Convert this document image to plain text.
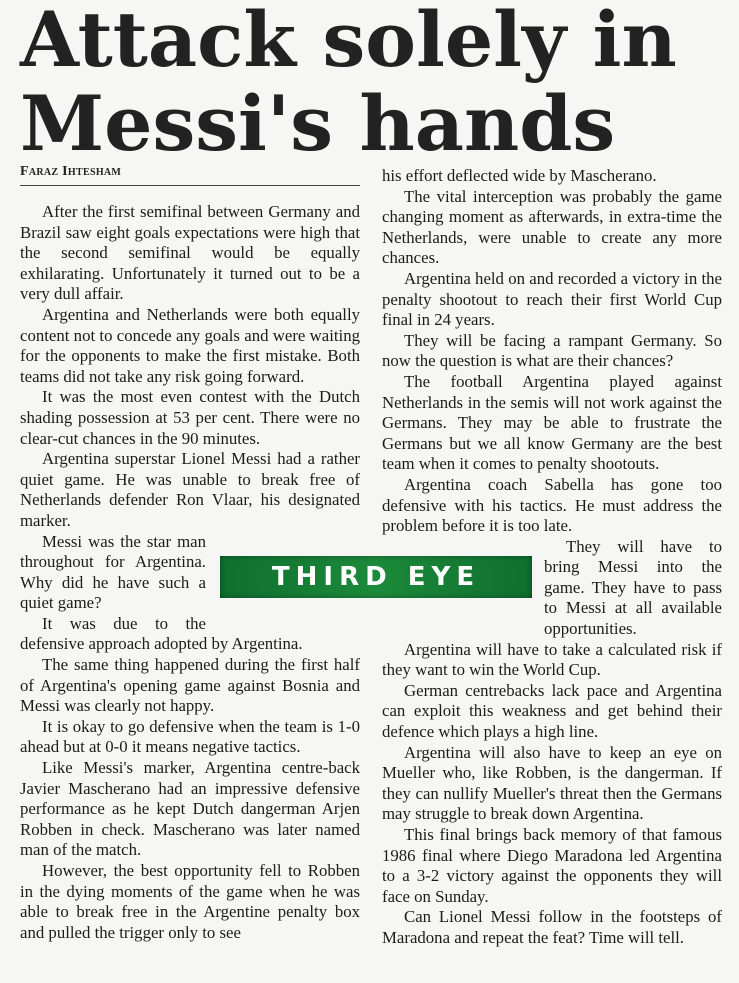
Attack solely in Messi's hands
Faraz Ihtesham

After the first semifinal between Germany and Brazil saw eight goals expectations were high that the second semifinal would be equally exhilarating. Unfortunately it turned out to be a very dull affair.

Argentina and Netherlands were both equally content not to concede any goals and were waiting for the opponents to make the first mistake. Both teams did not take any risk going forward.

It was the most even contest with the Dutch shading possession at 53 per cent. There were no clear-cut chances in the 90 minutes.

Argentina superstar Lionel Messi had a rather quiet game. He was unable to break free of Netherlands defender Ron Vlaar, his designated marker.

Messi was the star man throughout for Argentina. Why did he have such a quiet game?

It was due to the defensive approach adopted by Argentina.

The same thing happened during the first half of Argentina's opening game against Bosnia and Messi was clearly not happy.

It is okay to go defensive when the team is 1-0 ahead but at 0-0 it means negative tactics.

Like Messi's marker, Argentina centre-back Javier Mascherano had an impressive defensive performance as he kept Dutch dangerman Arjen Robben in check. Mascherano was later named man of the match.

However, the best opportunity fell to Robben in the dying moments of the game when he was able to break free in the Argentine penalty box and pulled the trigger only to see

his effort deflected wide by Mascherano.

The vital interception was probably the game changing moment as afterwards, in extra-time the Netherlands, were unable to create any more chances.

Argentina held on and recorded a victory in the penalty shootout to reach their first World Cup final in 24 years.

They will be facing a rampant Germany. So now the question is what are their chances?

The football Argentina played against Netherlands in the semis will not work against the Germans. They may be able to frustrate the Germans but we all know Germany are the best team when it comes to penalty shootouts.

Argentina coach Sabella has gone too defensive with his tactics. He must address the problem before it is too late.

They will have to bring Messi into the game. They have to pass to Messi at all available opportunities.

Argentina will have to take a calculated risk if they want to win the World Cup.

German centrebacks lack pace and Argentina can exploit this weakness and get behind their defence which plays a high line.

Argentina will also have to keep an eye on Mueller who, like Robben, is the dangerman. If they can nullify Mueller's threat then the Germans may struggle to break down Argentina.

This final brings back memory of that famous 1986 final where Diego Maradona led Argentina to a 3-2 victory against the opponents they will face on Sunday.

Can Lionel Messi follow in the footsteps of Maradona and repeat the feat? Time will tell.

THIRD EYE
